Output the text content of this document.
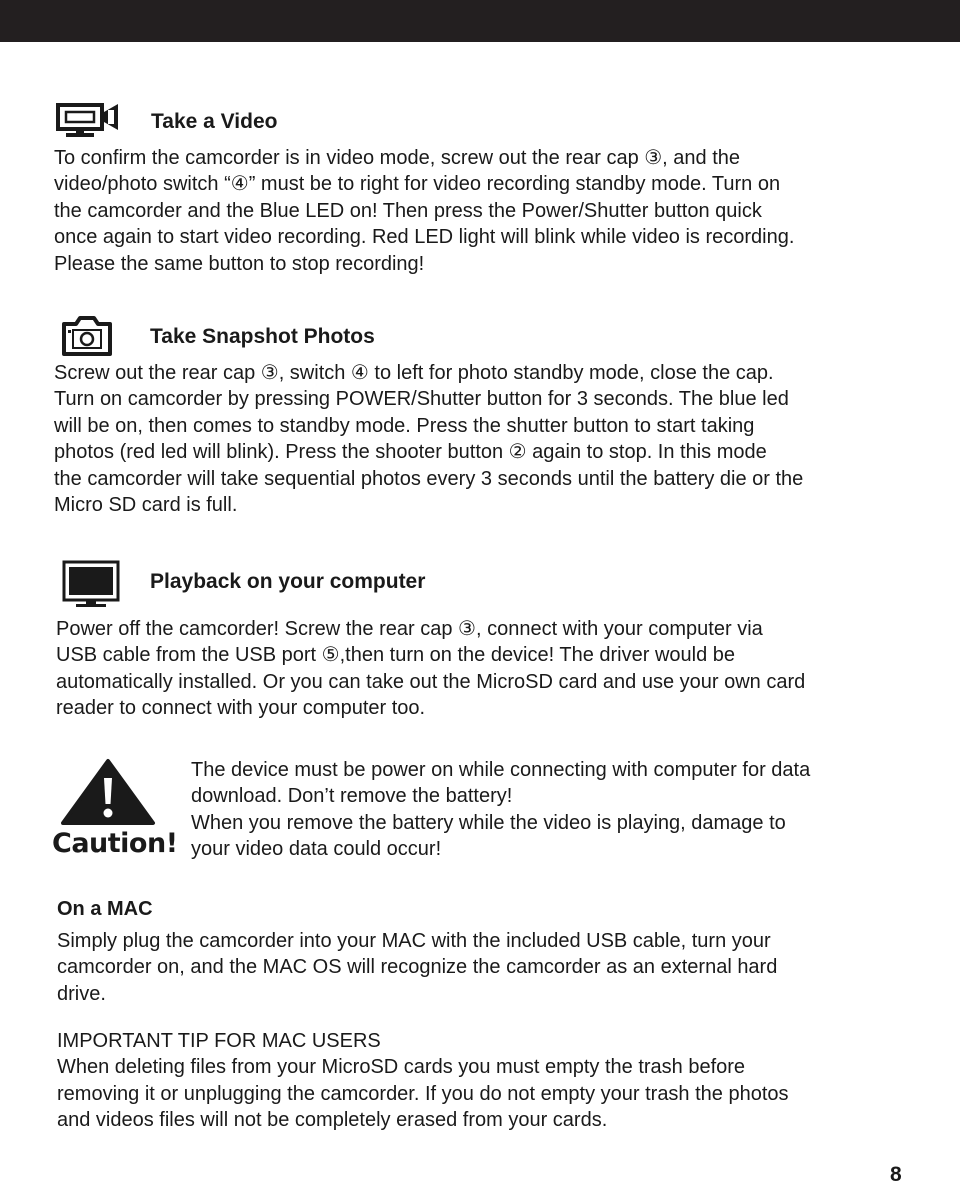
Take a Video

To confirm the camcorder is in video mode, screw out the rear cap ③, and the

video/photo switch “④” must be to right for video recording standby mode. Turn on

the camcorder and the Blue LED on! Then press the Power/Shutter button quick

once again to start video recording. Red LED light will blink while video is recording.

Please the same button to stop recording!

Take Snapshot Photos

Screw out the rear cap ③, switch ④ to left for photo standby mode, close the cap.

Turn on camcorder by pressing POWER/Shutter button for 3 seconds. The blue led

will be on, then comes to standby mode. Press the shutter button to start taking

photos (red led will blink). Press the shooter button ② again to stop. In this mode

the camcorder will take sequential photos every 3 seconds until the battery die or the

Micro SD card is full.

Playback on your computer

Power off the camcorder! Screw the rear cap ③, connect with your computer via

USB cable from the USB port ⑤,then turn on the device! The driver would be

automatically installed. Or you can take out the MicroSD card and use your own card

reader to connect with your computer too.

Caution!

The device must be power on while connecting with computer for data

download. Don’t remove the battery!

When you remove the battery while the video is playing, damage to

your video data could occur!

On a MAC

Simply plug the camcorder into your MAC with the included USB cable, turn your

camcorder on, and the MAC OS will recognize the camcorder as an external hard

drive.

IMPORTANT TIP FOR MAC USERS

When deleting files from your MicroSD cards you must empty the trash before

removing it or unplugging the camcorder. If you do not empty your trash the photos

and videos files will not be completely erased from your cards.

8
